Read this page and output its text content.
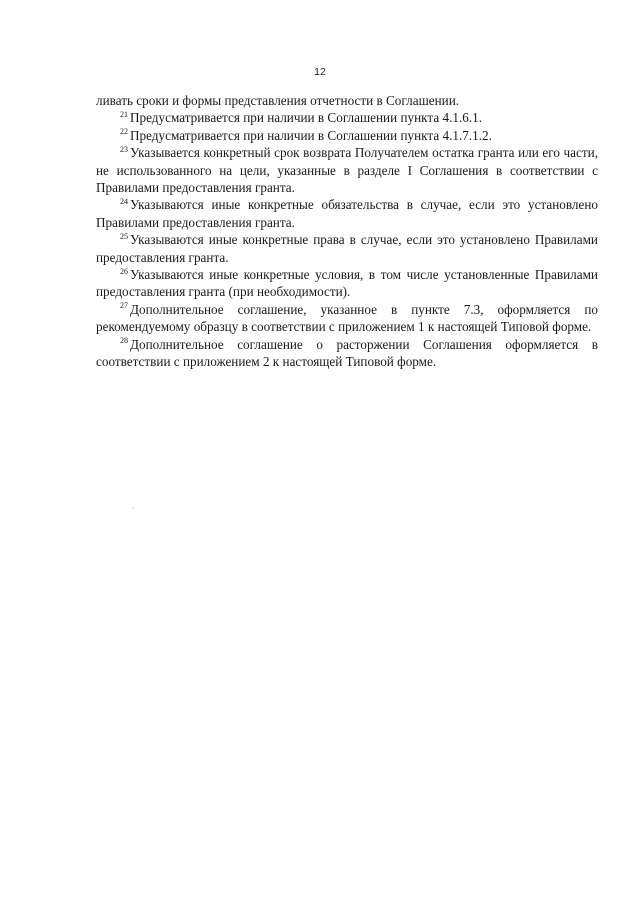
12

ливать сроки и формы представления отчетности в Соглашении.

$^{21}$ Предусматривается при наличии в Соглашении пункта 4.1.6.1.

$^{22}$ Предусматривается при наличии в Соглашении пункта 4.1.7.1.2.

$^{23}$ Указывается конкретный срок возврата Получателем остатка гранта или его части, не использованного на цели, указанные в разделе I Соглашения в соответствии с Правилами предоставления гранта.

$^{24}$ Указываются иные конкретные обязательства в случае, если это установлено Правилами предоставления гранта.

$^{25}$ Указываются иные конкретные права в случае, если это установлено Правилами предоставления гранта.

$^{26}$ Указываются иные конкретные условия, в том числе установленные Правилами предоставления гранта (при необходимости).

$^{27}$ Дополнительное соглашение, указанное в пункте 7.3, оформляется по рекомендуемому образцу в соответствии с приложением 1 к настоящей Типовой форме.

$^{28}$ Дополнительное соглашение о расторжении Соглашения оформляется в соответствии с приложением 2 к настоящей Типовой форме.
